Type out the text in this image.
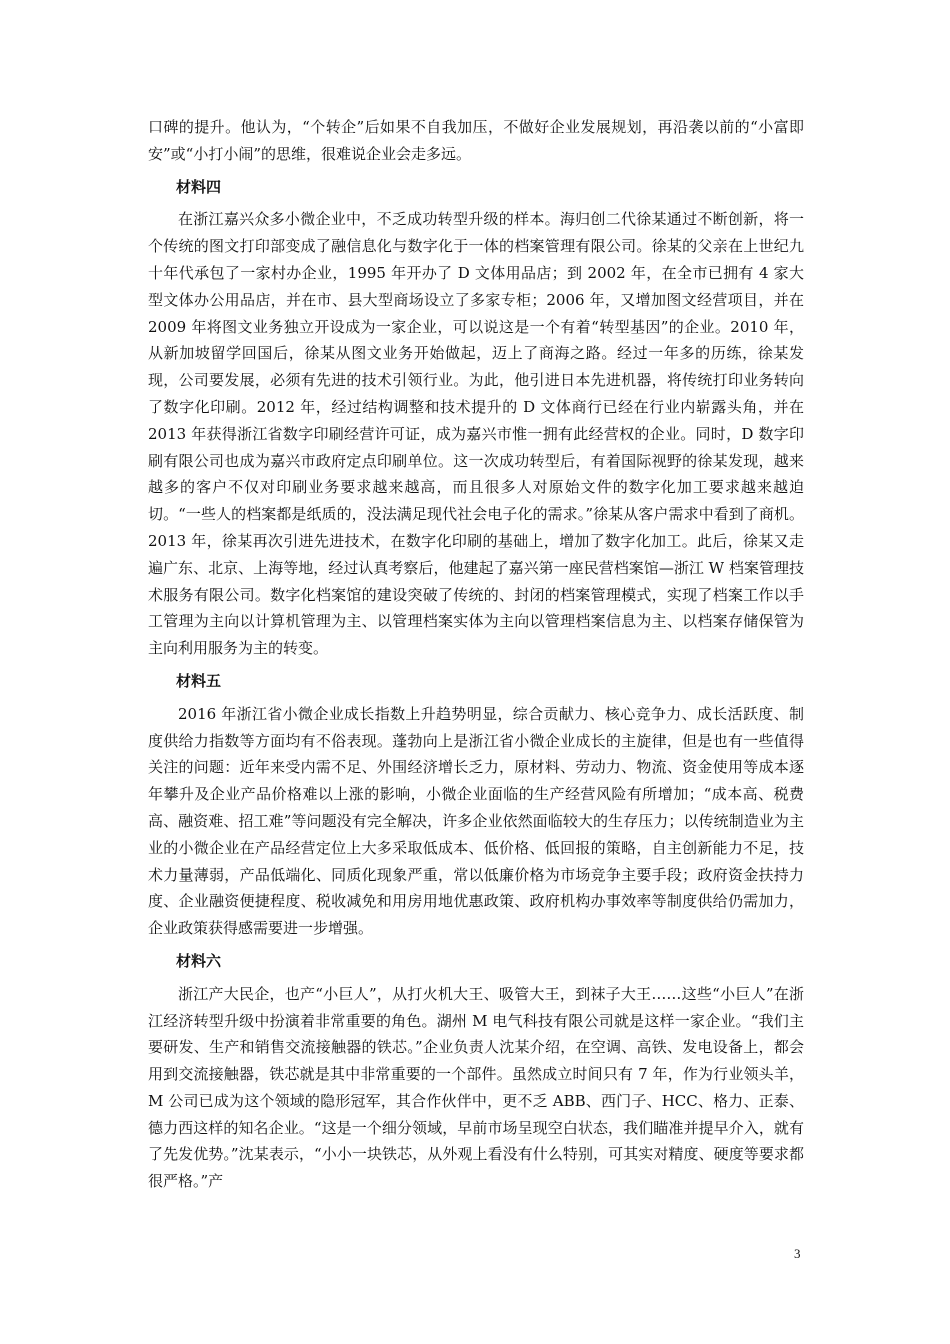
口碑的提升。他认为，“个转企”后如果不自我加压，不做好企业发展规划，再沿袭以前的“小富即安”或“小打小闹”的思维，很难说企业会走多远。

材料四

在浙江嘉兴众多小微企业中，不乏成功转型升级的样本。海归创二代徐某通过不断创新，将一个传统的图文打印部变成了融信息化与数字化于一体的档案管理有限公司。徐某的父亲在上世纪九十年代承包了一家村办企业，1995 年开办了 D 文体用品店；到 2002 年，在全市已拥有 4 家大型文体办公用品店，并在市、县大型商场设立了多家专柜；2006 年，又增加图文经营项目，并在 2009 年将图文业务独立开设成为一家企业，可以说这是一个有着“转型基因”的企业。2010 年，从新加坡留学回国后，徐某从图文业务开始做起，迈上了商海之路。经过一年多的历练，徐某发现，公司要发展，必须有先进的技术引领行业。为此，他引进日本先进机器，将传统打印业务转向了数字化印刷。2012 年，经过结构调整和技术提升的 D 文体商行已经在行业内崭露头角，并在 2013 年获得浙江省数字印刷经营许可证，成为嘉兴市惟一拥有此经营权的企业。同时，D 数字印刷有限公司也成为嘉兴市政府定点印刷单位。这一次成功转型后，有着国际视野的徐某发现，越来越多的客户不仅对印刷业务要求越来越高，而且很多人对原始文件的数字化加工要求越来越迫切。“一些人的档案都是纸质的，没法满足现代社会电子化的需求。”徐某从客户需求中看到了商机。2013 年，徐某再次引进先进技术，在数字化印刷的基础上，增加了数字化加工。此后，徐某又走遍广东、北京、上海等地，经过认真考察后，他建起了嘉兴第一座民营档案馆—浙江 W 档案管理技术服务有限公司。数字化档案馆的建设突破了传统的、封闭的档案管理模式，实现了档案工作以手工管理为主向以计算机管理为主、以管理档案实体为主向以管理档案信息为主、以档案存储保管为主向利用服务为主的转变。

材料五

2016 年浙江省小微企业成长指数上升趋势明显，综合贡献力、核心竞争力、成长活跃度、制度供给力指数等方面均有不俗表现。蓬勃向上是浙江省小微企业成长的主旋律，但是也有一些值得关注的问题：近年来受内需不足、外围经济增长乏力，原材料、劳动力、物流、资金使用等成本逐年攀升及企业产品价格难以上涨的影响，小微企业面临的生产经营风险有所增加；“成本高、税费高、融资难、招工难”等问题没有完全解决，许多企业依然面临较大的生存压力；以传统制造业为主业的小微企业在产品经营定位上大多采取低成本、低价格、低回报的策略，自主创新能力不足，技术力量薄弱，产品低端化、同质化现象严重，常以低廉价格为市场竞争主要手段；政府资金扶持力度、企业融资便捷程度、税收减免和用房用地优惠政策、政府机构办事效率等制度供给仍需加力，企业政策获得感需要进一步增强。

材料六

浙江产大民企，也产“小巨人”，从打火机大王、吸管大王，到袜子大王……这些“小巨人”在浙江经济转型升级中扮演着非常重要的角色。湖州 M 电气科技有限公司就是这样一家企业。“我们主要研发、生产和销售交流接触器的铁芯。”企业负责人沈某介绍，在空调、高铁、发电设备上，都会用到交流接触器，铁芯就是其中非常重要的一个部件。虽然成立时间只有 7 年，作为行业领头羊，M 公司已成为这个领域的隐形冠军，其合作伙伴中，更不乏 ABB、西门子、HCC、格力、正泰、德力西这样的知名企业。“这是一个细分领域，早前市场呈现空白状态，我们瞄准并提早介入，就有了先发优势。”沈某表示，“小小一块铁芯，从外观上看没有什么特别，可其实对精度、硬度等要求都很严格。”产

3
